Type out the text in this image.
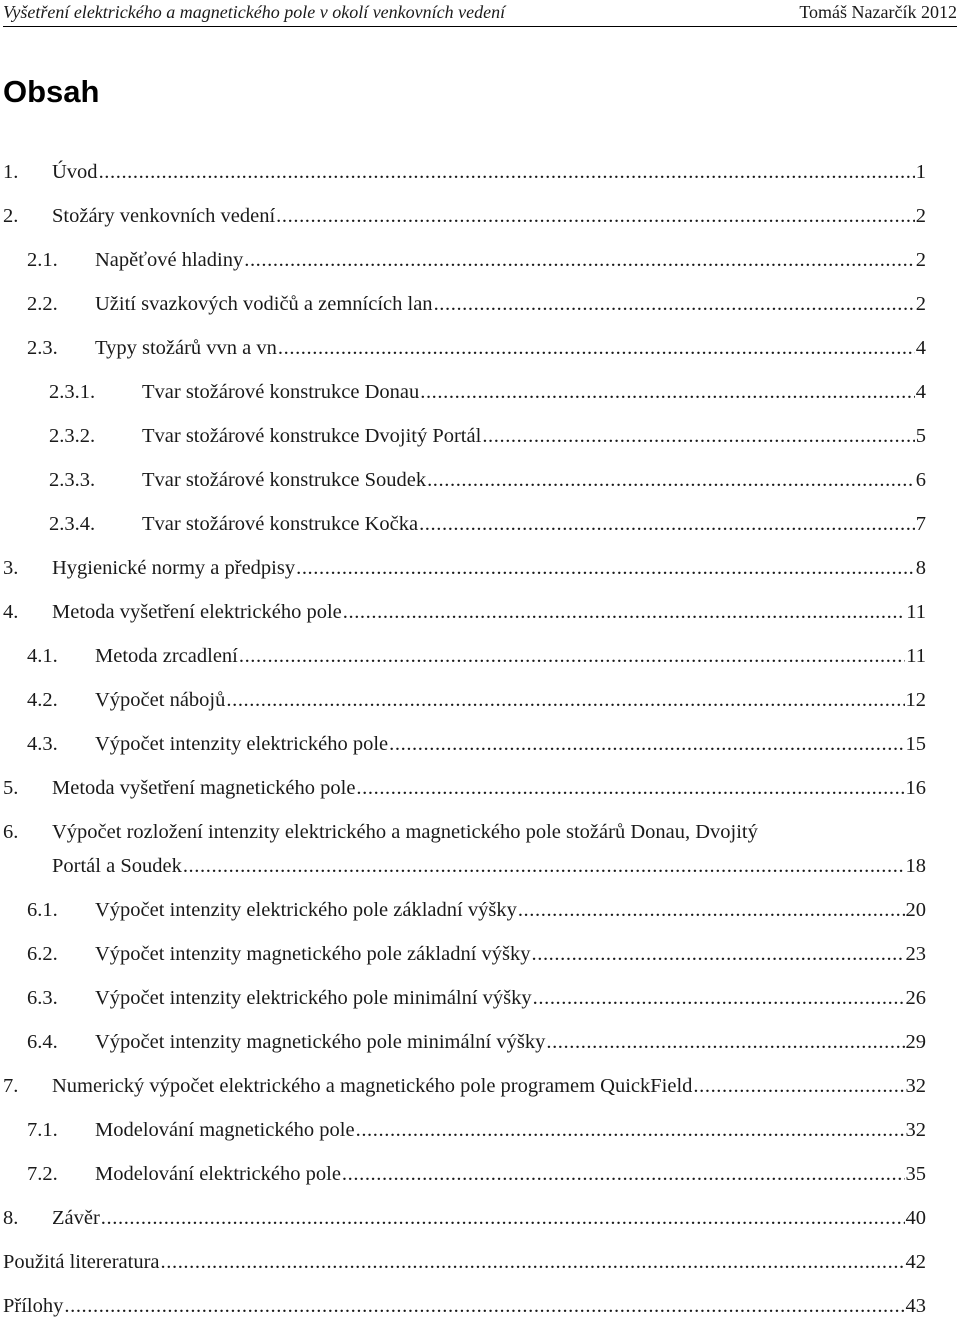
Vyšetření elektrického a magnetického pole v okolí venkovních vedení	Tomáš Nazarčík 2012
Obsah
1. Úvod .....	1
2. Stožáry venkovních vedení .....	2
2.1. Napěťové hladiny .....	2
2.2. Užití svazkových vodičů a zemnících lan .....	2
2.3. Typy stožárů vvn a vn .....	4
2.3.1. Tvar stožárové konstrukce Donau .....	4
2.3.2. Tvar stožárové konstrukce Dvojitý Portál .....	5
2.3.3. Tvar stožárové konstrukce Soudek .....	6
2.3.4. Tvar stožárové konstrukce Kočka .....	7
3. Hygienické normy a předpisy .....	8
4. Metoda vyšetření elektrického pole .....	11
4.1. Metoda zrcadlení .....	11
4.2. Výpočet nábojů .....	12
4.3. Výpočet intenzity elektrického pole .....	15
5. Metoda vyšetření magnetického pole .....	16
6. Výpočet rozložení intenzity elektrického a magnetického pole stožárů Donau, Dvojitý
Portál a Soudek .....	18
6.1. Výpočet intenzity elektrického pole základní výšky .....	20
6.2. Výpočet intenzity magnetického pole základní výšky .....	23
6.3. Výpočet intenzity elektrického pole minimální výšky .....	26
6.4. Výpočet intenzity magnetického pole minimální výšky .....	29
7. Numerický výpočet elektrického a magnetického pole programem QuickField .....	32
7.1. Modelování magnetického pole .....	32
7.2. Modelování elektrického pole .....	35
8. Závěr .....	40
Použitá litereratura .....	42
Přílohy .....	43
